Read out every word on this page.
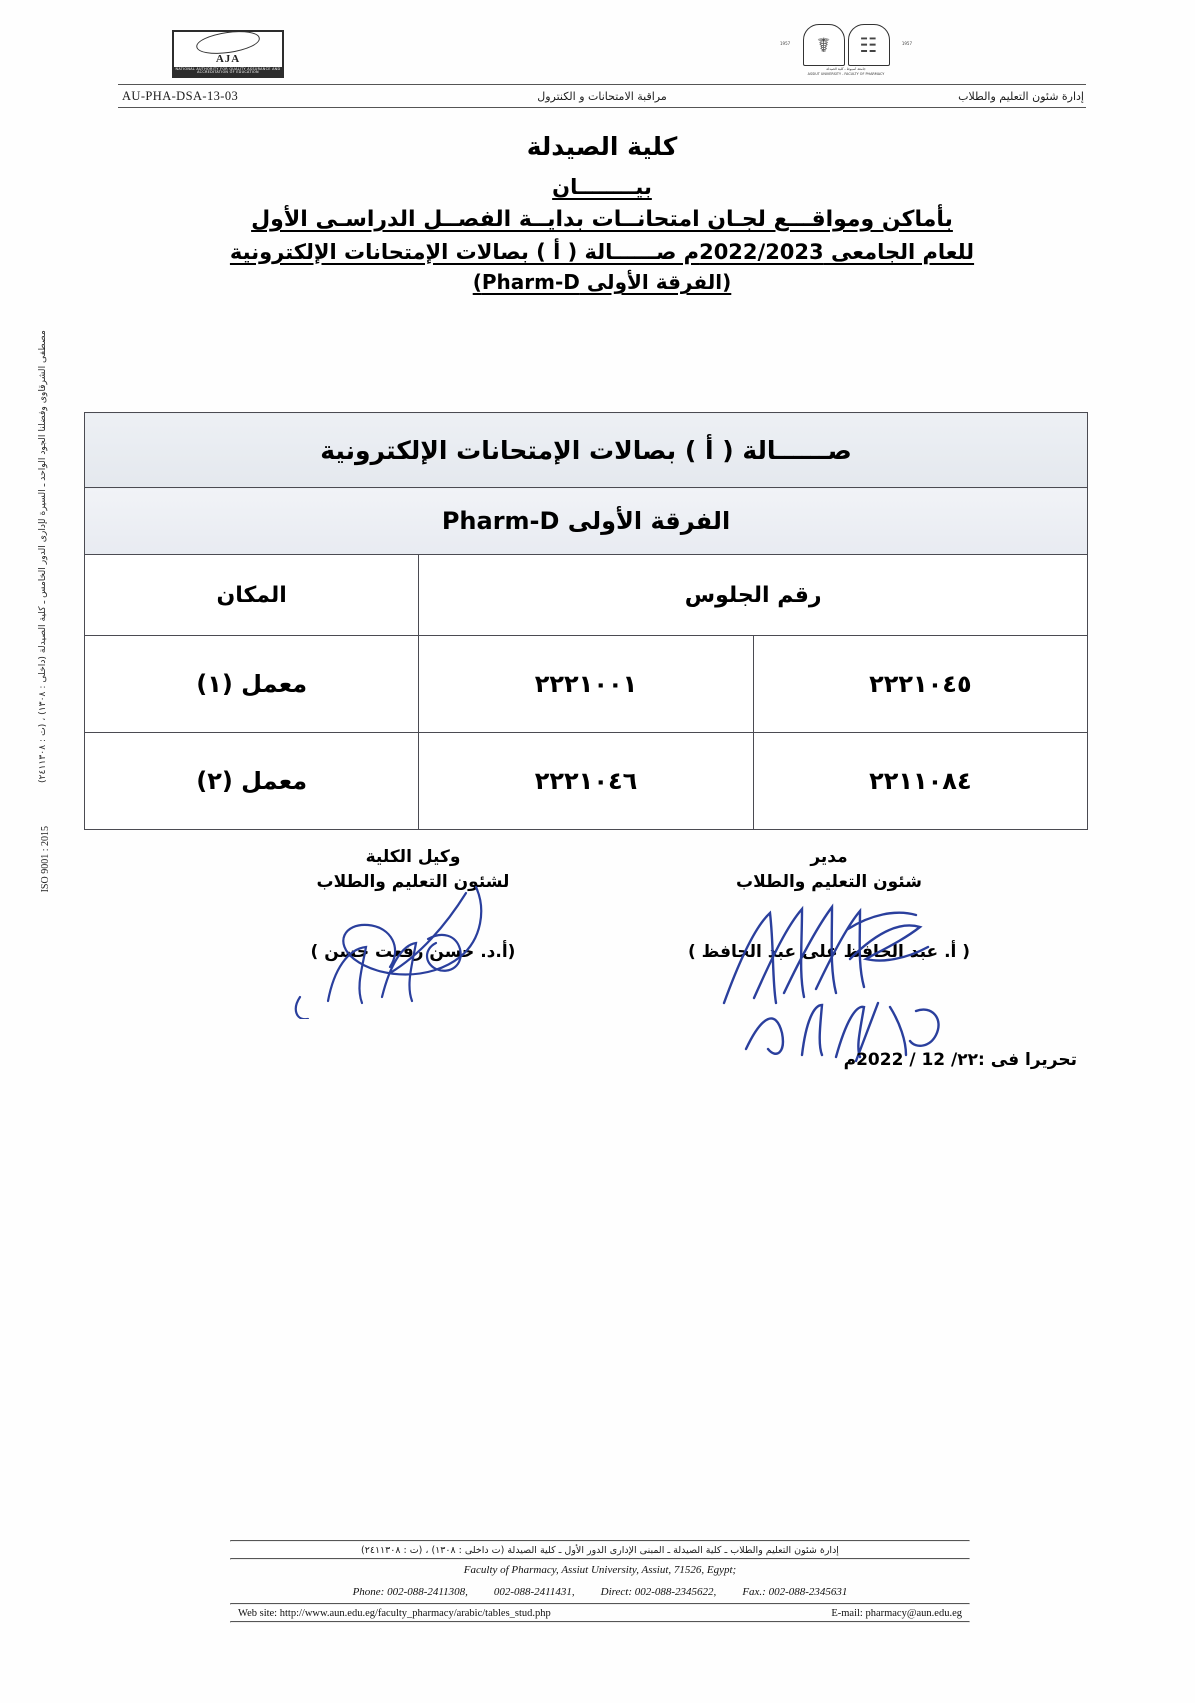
AJA
NATIONAL AUTHORITY FOR QUALITY ASSURANCE AND ACCREDITATION OF EDUCATION
1957	1957
☷
☤
جامعة أسيوط ـ كلية الصيدلة
ASSIUT UNIVERSITY - FACULTY OF PHARMACY
AU-PHA-DSA-13-03	مراقبة الامتحانات و الكنترول	إدارة شئون التعليم والطلاب
مصطفى الشرقاوى وفضلنا الجود الواحد ـ السيرة لإدارى الدور الخامس ـ كلية الصيدلة (داخلى : ١٣٠٨) ، (ت : ٢٤١١٣٠٨)
ISO 9001 : 2015
كلية الصيدلة
بيــــــــان
بأماكن ومواقـــع لجـان امتحانــات بدايــة الفصــل الدراسـى الأول
للعام الجامعى 2022/2023م صــــــالة ( أ ) بصالات الإمتحانات الإلكترونية
(الفرقة الأولى Pharm-D)
صــــــالة ( أ ) بصالات الإمتحانات الإلكترونية		
الفرقة الأولى Pharm-D		
رقم الجلوس		المكان
٢٢٢١٠٤٥	٢٢٢١٠٠١	معمل (١)
٢٢١١٠٨٤	٢٢٢١٠٤٦	معمل (٢)
مدير
شئون التعليم والطلاب
( أ. عبد الحافظ على عبد الحافظ )
وكيل الكلية
لشئون التعليم والطلاب
(أ.د. حسن رفعت حسن )
تحريرا فى :٢٢/ 12 / 2022م
إدارة شئون التعليم والطلاب ـ كلية الصيدلة ـ المبنى الإدارى الدور الأول ـ كلية الصيدلة (ت داخلى : ١٣٠٨) ، (ت : ٢٤١١٣٠٨)
Faculty of Pharmacy, Assiut University, Assiut, 71526, Egypt;
Phone: 002-088-2411308, 002-088-2411431, Direct: 002-088-2345622, Fax.: 002-088-2345631
Web site: http://www.aun.edu.eg/faculty_pharmacy/arabic/tables_stud.php	E-mail: pharmacy@aun.edu.eg
